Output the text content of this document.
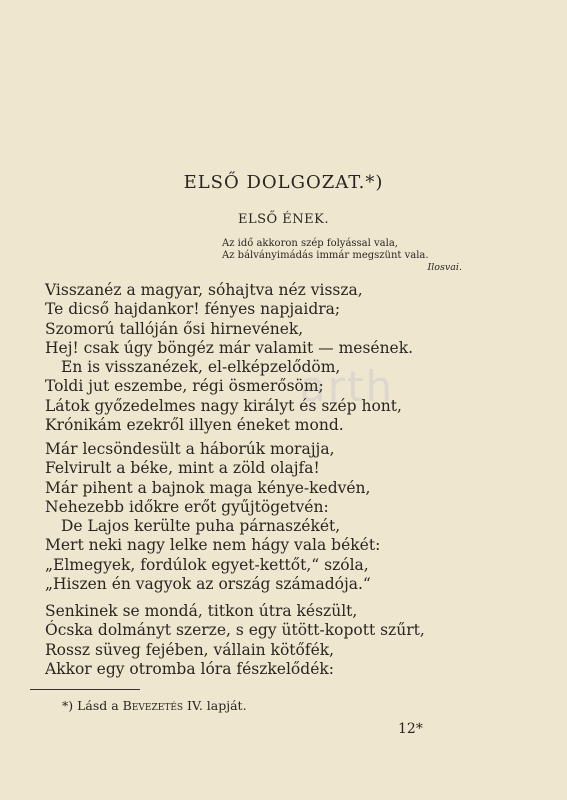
arth
ELSŐ DOLGOZAT.*)
ELSŐ ÉNEK.
Az idő akkoron szép folyással vala,
Az bálványimádás immár megszünt vala.
Ilosvai.
Visszanéz a magyar, sóhajtva néz vissza,
Te dicső hajdankor! fényes napjaidra;
Szomorú tallóján ősi hirnevének,
Hej! csak úgy böngéz már valamit — mesének.
En is visszanézek, el-elképzelődöm,
Toldi jut eszembe, régi ösmerősöm;
Látok győzedelmes nagy királyt és szép hont,
Krónikám ezekről illyen éneket mond.
Már lecsöndesült a háborúk morajja,
Felvirult a béke, mint a zöld olajfa!
Már pihent a bajnok maga kénye-kedvén,
Nehezebb időkre erőt gyűjtögetvén:
De Lajos kerülte puha párnaszékét,
Mert neki nagy lelke nem hágy vala békét:
„Elmegyek, fordúlok egyet-kettőt,“ szóla,
„Hiszen én vagyok az ország számadója.“
Senkinek se mondá, titkon útra készült,
Ócska dolmányt szerze, s egy ütött-kopott szűrt,
Rossz süveg fejében, vállain kötőfék,
Akkor egy otromba lóra fészkelődék:
*) Lásd a Bevezetés IV. lapját.
12*
